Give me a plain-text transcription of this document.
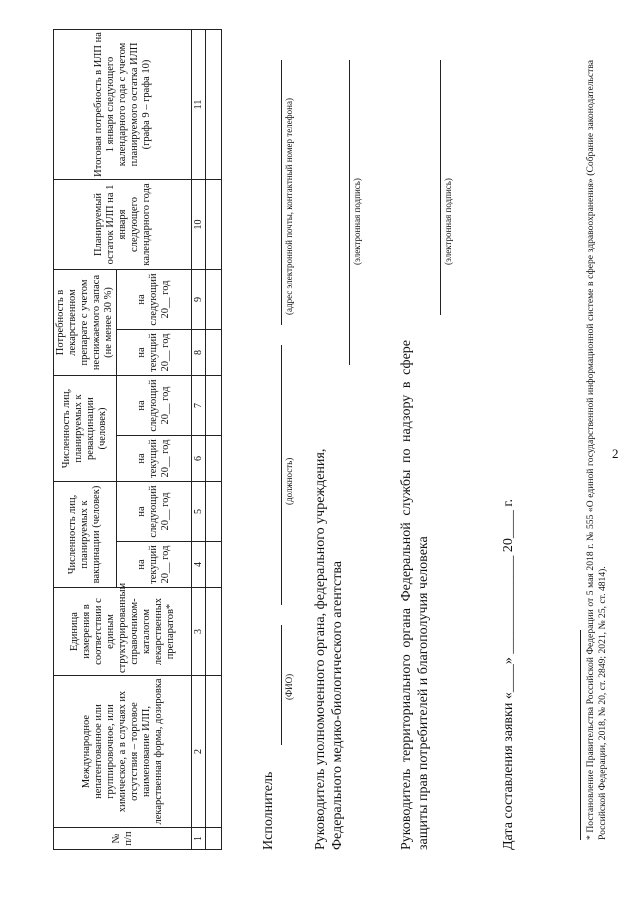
2
№
п/п	Международное непатентованное или группировочное, или химическое, а в случаях их отсутствия – торговое наименование ИЛП, лекарственная форма, дозировка	Единица измерения в соответствии с единым структурированным справочником-каталогом лекарственных препаратов*	Численность лиц, планируемых к вакцинации (человек)		Численность лиц, планируемых к ревакцинации (человек)		Потребность в лекарственном препарате с учетом неснижаемого запаса (не менее 30 %)		Планируемый остаток ИЛП на 1 января следующего календарного года	Итоговая потребность в ИЛП на 1 января следующего календарного года с учетом планируемого остатка ИЛП (графа 9 – графа 10)
			на текущий 20__ год	на следующий 20__ год	на текущий 20__ год	на следующий 20__ год	на текущий 20__ год	на следующий 20__ год		
1	2	3	4	5	6	7	8	9	10	11

Исполнитель
(ФИО)
(должность)
(адрес электронной почты, контактный номер телефона)
Руководитель уполномоченного органа, федерального учреждения, Федерального медико-биологического агентства
(электронная подпись)
Руководитель территориального органа Федеральной службы по надзору в сфере защиты прав потребителей и благополучия человека
(электронная подпись)
Дата составления заявки «____» ______________ 20____ г.	* Постановление Правительства Российской Федерации от 5 мая 2018 г. № 555 «О единой государственной информационной системе в сфере здравоохранения» (Собрание законодательства Российской Федерации, 2018, № 20, ст. 2849; 2021, № 25, ст. 4814).
